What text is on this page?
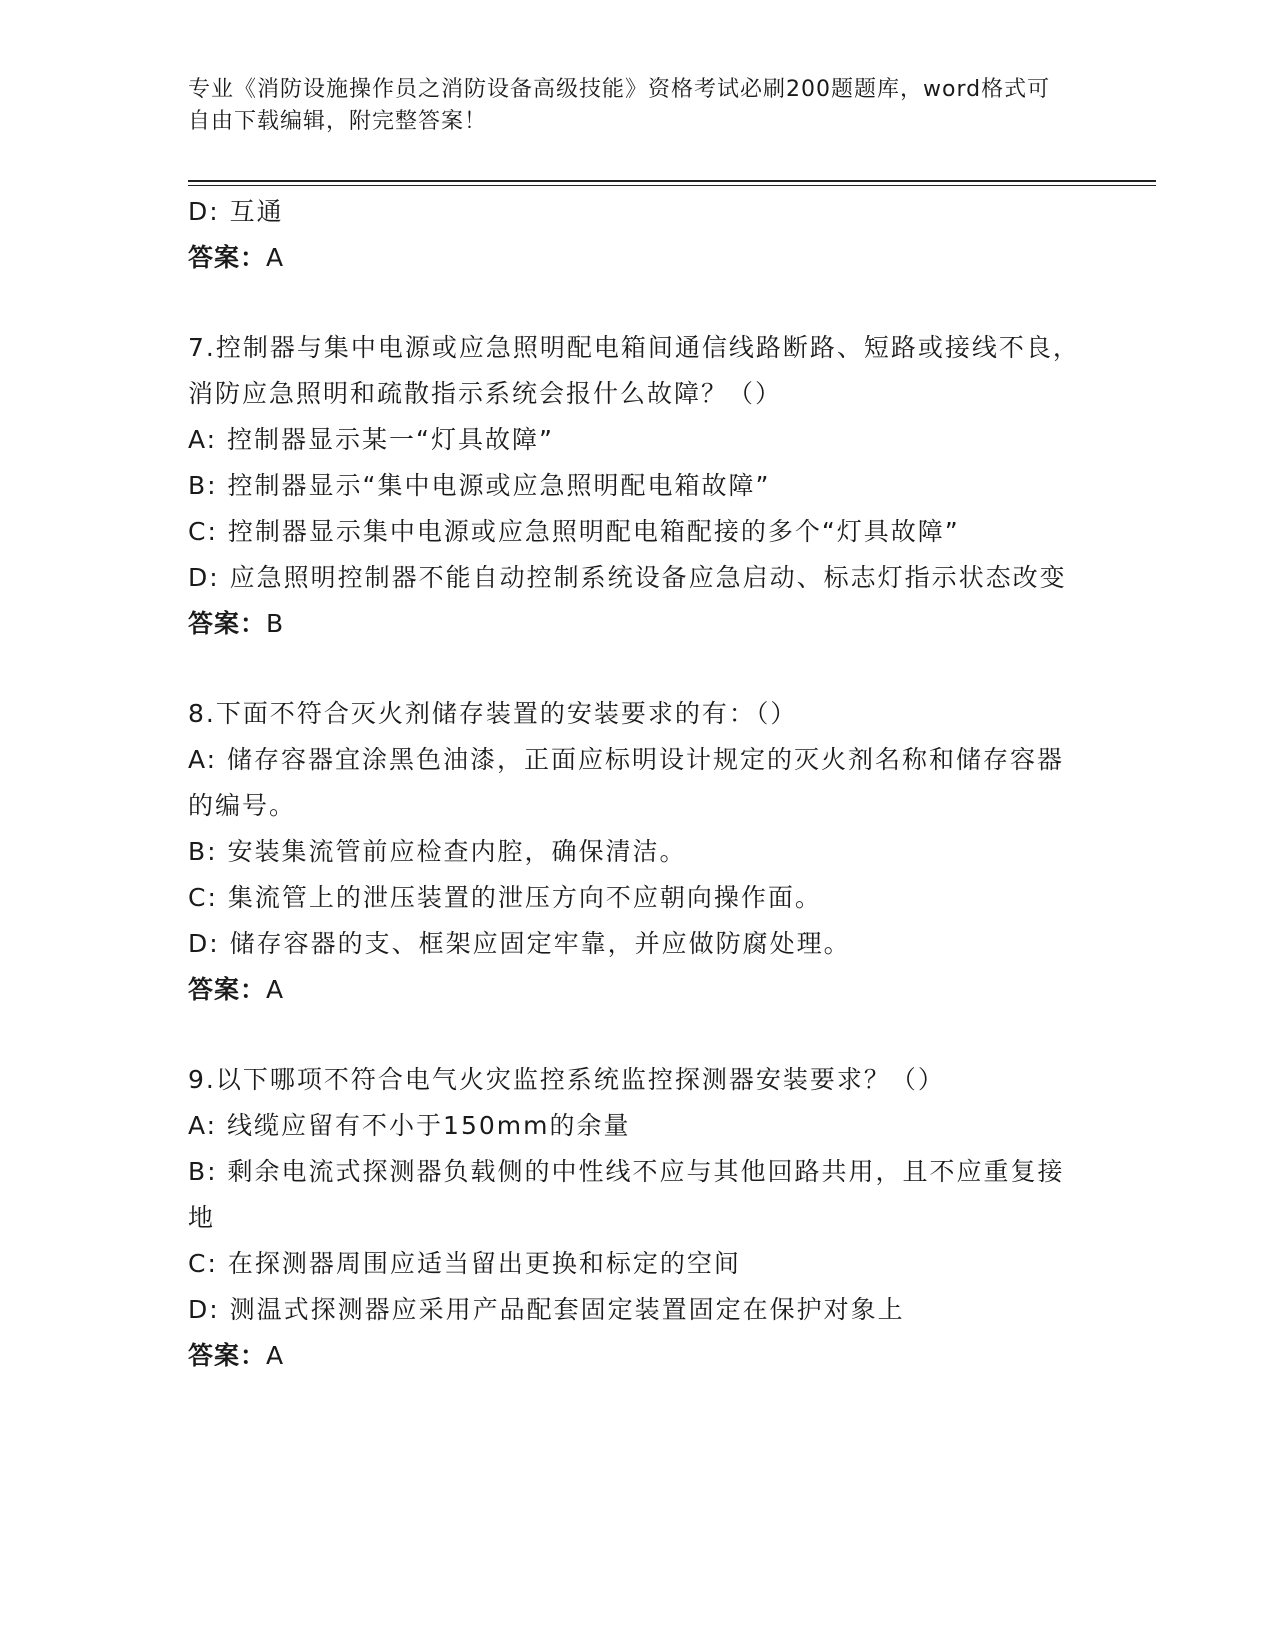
专业《消防设施操作员之消防设备高级技能》资格考试必刷200题题库，word格式可自由下载编辑，附完整答案！

D: 互通

答案：A

7.控制器与集中电源或应急照明配电箱间通信线路断路、短路或接线不良，消防应急照明和疏散指示系统会报什么故障？（）

A: 控制器显示某一“灯具故障”

B: 控制器显示“集中电源或应急照明配电箱故障”

C: 控制器显示集中电源或应急照明配电箱配接的多个“灯具故障”

D: 应急照明控制器不能自动控制系统设备应急启动、标志灯指示状态改变

答案：B

8.下面不符合灭火剂储存装置的安装要求的有：（）

A: 储存容器宜涂黑色油漆，正面应标明设计规定的灭火剂名称和储存容器的编号。

B: 安装集流管前应检查内腔，确保清洁。

C: 集流管上的泄压装置的泄压方向不应朝向操作面。

D: 储存容器的支、框架应固定牢靠，并应做防腐处理。

答案：A

9.以下哪项不符合电气火灾监控系统监控探测器安装要求？（）

A: 线缆应留有不小于150mm的余量

B: 剩余电流式探测器负载侧的中性线不应与其他回路共用，且不应重复接地

C: 在探测器周围应适当留出更换和标定的空间

D: 测温式探测器应采用产品配套固定装置固定在保护对象上

答案：A
